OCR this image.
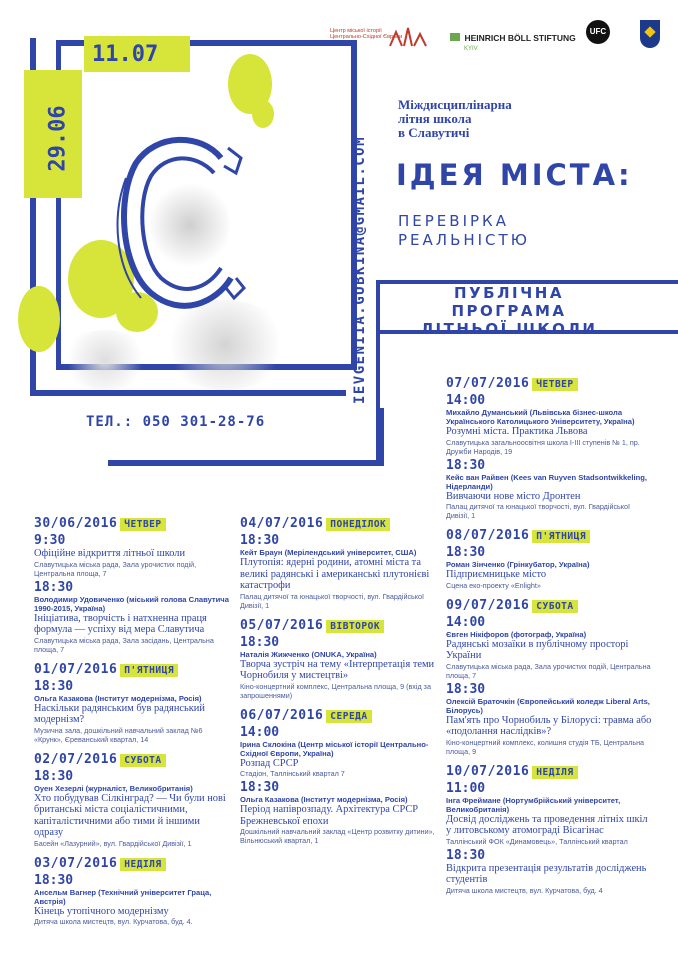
29.06
11.07
IEVGENIIA.GUBKINA@GMAIL.COM
ТЕЛ.: 050 301-28-76
Центр міської історії
Центрально-Східної Європи	HEINRICH BÖLL STIFTUNG
KYIV
UFC
Міждисциплінарна
літня школа
в Славутичі
ІДЕЯ МІСТА:
ПЕРЕВІРКА
РЕАЛЬНІСТЮ
ПУБЛІЧНА ПРОГРАМА
ЛІТНЬОЇ ШКОЛИ
30/06/2016 ЧЕТВЕР
9:30
Офіційне відкриття літньої школи
Славутицька міська рада, Зала урочистих подій, Центральна площа, 7
18:30
Володимир Удовиченко (міський голова Славутича 1990-2015, Україна)
Ініціатива, творчість і натхненна праця формула — успіху від мера Славутича
Славутицька міська рада, Зала засідань, Центральна площа, 7
01/07/2016 П'ЯТНИЦЯ
18:30
Ольга Казакова (Інститут модернізма, Росія)
Наскільки радянським був радянський модернізм?
Музична зала, дошкільний навчальний заклад №6 «Крунк», Єреванський квартал, 14
02/07/2016 СУБОТА
18:30
Оуен Хезерлі (журналіст, Великобританія)
Хто побудував Сілкінград? — Чи були нові британські міста соціалістичними, капіталістичними або тими й іншими одразу
Басейн «Лазурний», вул. Гвардійської Дивізії, 1
03/07/2016 НЕДІЛЯ
18:30
Ансельм Вагнер (Технічний університет Граца, Австрія)
Кінець утопічного модернізму
Дитяча школа мистецтв, вул. Курчатова, буд. 4.
04/07/2016 ПОНЕДІЛОК
18:30
Кейт Браун (Мерілендський університет, США)
Плутопія: ядерні родини, атомні міста та великі радянські і американські плутонієві катастрофи
Палац дитячої та юнацької творчості, вул. Гвардійської Дивізії, 1
05/07/2016 ВІВТОРОК
18:30
Наталія Жижченко (ONUKA, Україна)
Творча зустріч на тему «Інтерпретація теми Чорнобиля у мистецтві»
Кіно-концертний комплекс, Центральна площа, 9 (вхід за запрошеннями)
06/07/2016 СЕРЕДА
14:00
Ірина Склокіна (Центр міської історії Центрально-Східної Європи, Україна)
Розпад СРСР
Стадіон, Таллінський квартал 7
18:30
Ольга Казакова (Інститут модернізма, Росія)
Період напіврозпаду. Архітектура СРСР Брежневської епохи
Дошкільний навчальний заклад «Центр розвитку дитини», Вільнюський квартал, 1
07/07/2016 ЧЕТВЕР
14:00
Михайло Думанський (Львівська бізнес-школа Українського Католицького Університету, Україна)
Розумні міста. Практика Львова
Славутицька загальноосвітня школа І-ІІІ ступенів № 1, пр. Дружби Народів, 19
18:30
Кейс ван Райвен (Kees van Ruyven Stadsontwikkeling, Нідерланди)
Вивчаючи нове місто Дронтен
Палац дитячої та юнацької творчості, вул. Гвардійської Дивізії, 1
08/07/2016 П'ЯТНИЦЯ
18:30
Роман Зінченко (Грінкубатор, Україна)
Підприємницьке місто
Сцена еко-проекту «Enlight»
09/07/2016 СУБОТА
14:00
Євген Нікіфоров (фотограф, Україна)
Радянські мозаїки в публічному просторі України
Славутицька міська рада, Зала урочистих подій, Центральна площа, 7
18:30
Олексій Браточкін (Європейський коледж Liberal Arts, Білорусь)
Пам'ять про Чорнобиль у Білорусі: травма або «подолання наслідків»?
Кіно-концертний комплекс, колишня студія ТБ, Центральна площа, 9
10/07/2016 НЕДІЛЯ
11:00
Інга Фрейманe (Нортумбрійський університет, Великобританія)
Досвід досліджень та проведення літніх шкіл у литовському атомограді Вісагінас
Таллінський ФОК «Динамовець», Таллінський квартал
18:30
Відкрита презентація результатів досліджень студентів
Дитяча школа мистецтв, вул. Курчатова, буд. 4
